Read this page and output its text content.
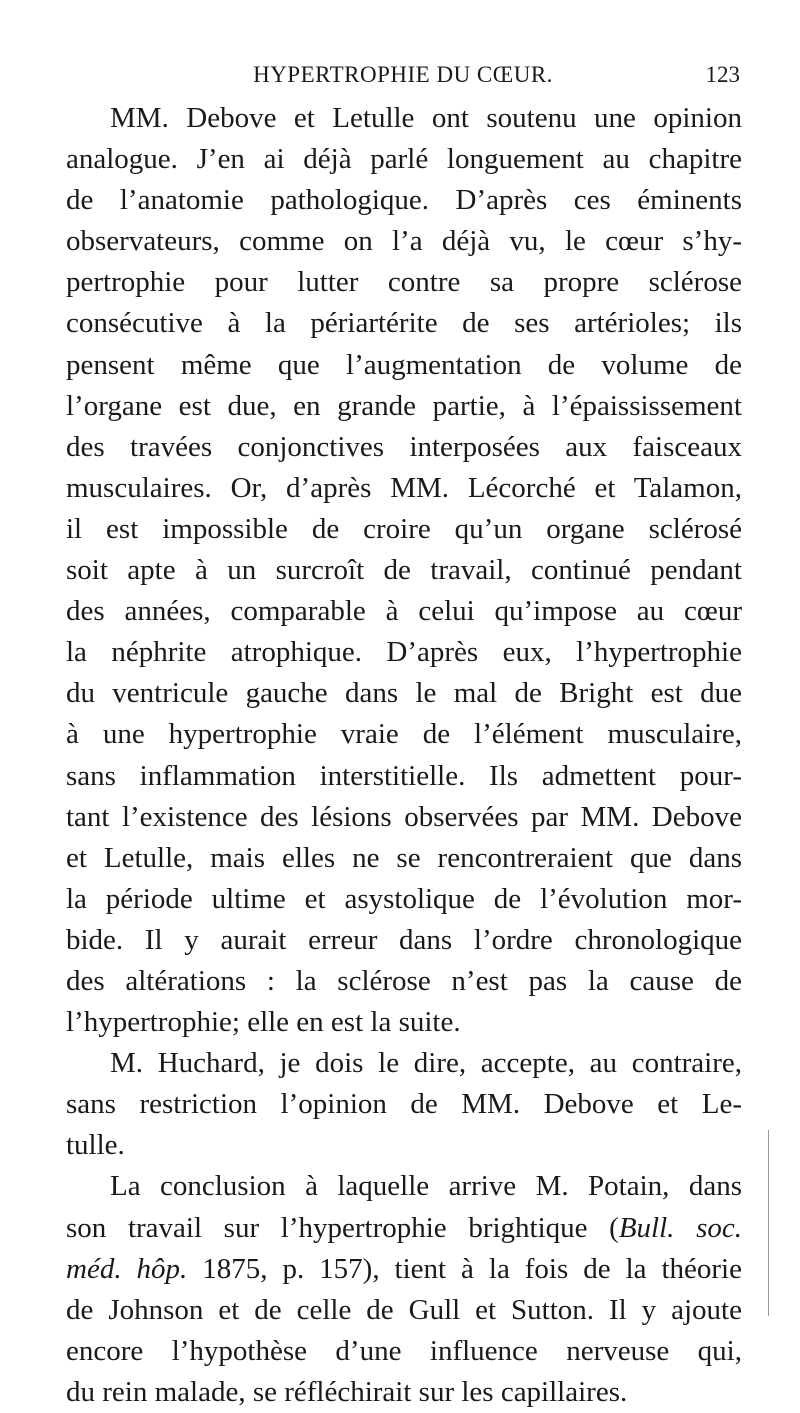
HYPERTROPHIE DU CŒUR.	123
MM. Debove et Letulle ont soutenu une opinion
analogue. J’en ai déjà parlé longuement au chapitre
de l’anatomie pathologique. D’après ces éminents
observateurs, comme on l’a déjà vu, le cœur s’hy-
pertrophie pour lutter contre sa propre sclérose
consécutive à la périartérite de ses artérioles; ils
pensent même que l’augmentation de volume de
l’organe est due, en grande partie, à l’épaississement
des travées conjonctives interposées aux faisceaux
musculaires. Or, d’après MM. Lécorché et Talamon,
il est impossible de croire qu’un organe sclérosé
soit apte à un surcroît de travail, continué pendant
des années, comparable à celui qu’impose au cœur
la néphrite atrophique. D’après eux, l’hypertrophie
du ventricule gauche dans le mal de Bright est due
à une hypertrophie vraie de l’élément musculaire,
sans inflammation interstitielle. Ils admettent pour-
tant l’existence des lésions observées par MM. Debove
et Letulle, mais elles ne se rencontreraient que dans
la période ultime et asystolique de l’évolution mor-
bide. Il y aurait erreur dans l’ordre chronologique
des altérations : la sclérose n’est pas la cause de
l’hypertrophie; elle en est la suite.
M. Huchard, je dois le dire, accepte, au contraire,
sans restriction l’opinion de MM. Debove et Le-
tulle.
La conclusion à laquelle arrive M. Potain, dans
son travail sur l’hypertrophie brightique (Bull. soc.
méd. hôp. 1875, p. 157), tient à la fois de la théorie
de Johnson et de celle de Gull et Sutton. Il y ajoute
encore l’hypothèse d’une influence nerveuse qui,
du rein malade, se réfléchirait sur les capillaires.
